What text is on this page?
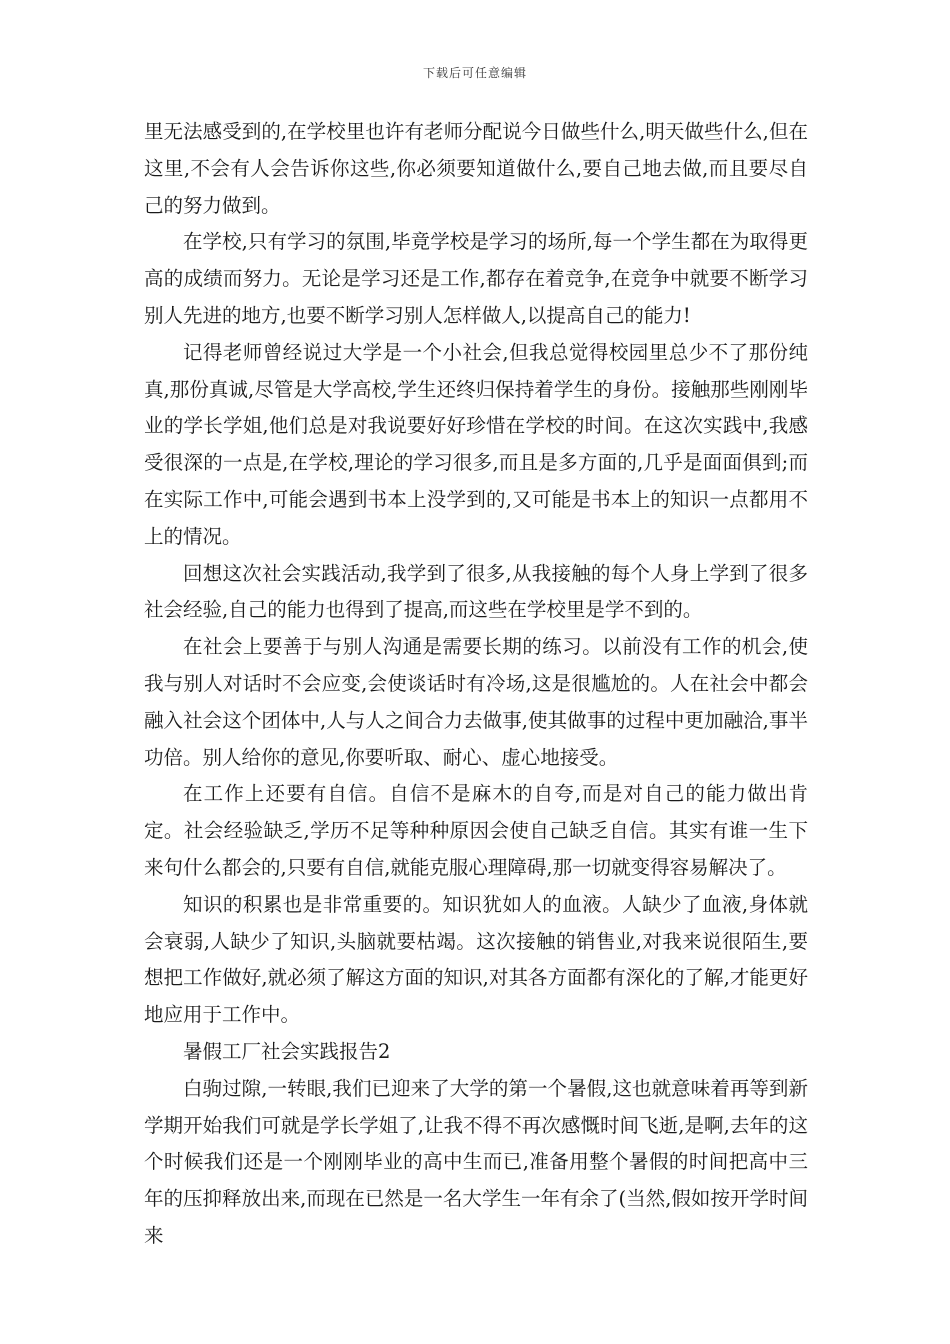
下载后可任意编辑

里无法感受到的,在学校里也许有老师分配说今日做些什么,明天做些什么,但在这里,不会有人会告诉你这些,你必须要知道做什么,要自己地去做,而且要尽自己的努力做到。

在学校,只有学习的氛围,毕竟学校是学习的场所,每一个学生都在为取得更高的成绩而努力。无论是学习还是工作,都存在着竞争,在竞争中就要不断学习别人先进的地方,也要不断学习别人怎样做人,以提高自己的能力!

记得老师曾经说过大学是一个小社会,但我总觉得校园里总少不了那份纯真,那份真诚,尽管是大学高校,学生还终归保持着学生的身份。接触那些刚刚毕业的学长学姐,他们总是对我说要好好珍惜在学校的时间。在这次实践中,我感受很深的一点是,在学校,理论的学习很多,而且是多方面的,几乎是面面俱到;而在实际工作中,可能会遇到书本上没学到的,又可能是书本上的知识一点都用不上的情况。

回想这次社会实践活动,我学到了很多,从我接触的每个人身上学到了很多社会经验,自己的能力也得到了提高,而这些在学校里是学不到的。

在社会上要善于与别人沟通是需要长期的练习。以前没有工作的机会,使我与别人对话时不会应变,会使谈话时有冷场,这是很尴尬的。人在社会中都会融入社会这个团体中,人与人之间合力去做事,使其做事的过程中更加融洽,事半功倍。别人给你的意见,你要听取、耐心、虚心地接受。

在工作上还要有自信。自信不是麻木的自夸,而是对自己的能力做出肯定。社会经验缺乏,学历不足等种种原因会使自己缺乏自信。其实有谁一生下来句什么都会的,只要有自信,就能克服心理障碍,那一切就变得容易解决了。

知识的积累也是非常重要的。知识犹如人的血液。人缺少了血液,身体就会衰弱,人缺少了知识,头脑就要枯竭。这次接触的销售业,对我来说很陌生,要想把工作做好,就必须了解这方面的知识,对其各方面都有深化的了解,才能更好地应用于工作中。

暑假工厂社会实践报告2

白驹过隙,一转眼,我们已迎来了大学的第一个暑假,这也就意味着再等到新学期开始我们可就是学长学姐了,让我不得不再次感慨时间飞逝,是啊,去年的这个时候我们还是一个刚刚毕业的高中生而已,准备用整个暑假的时间把高中三年的压抑释放出来,而现在已然是一名大学生一年有余了(当然,假如按开学时间来
